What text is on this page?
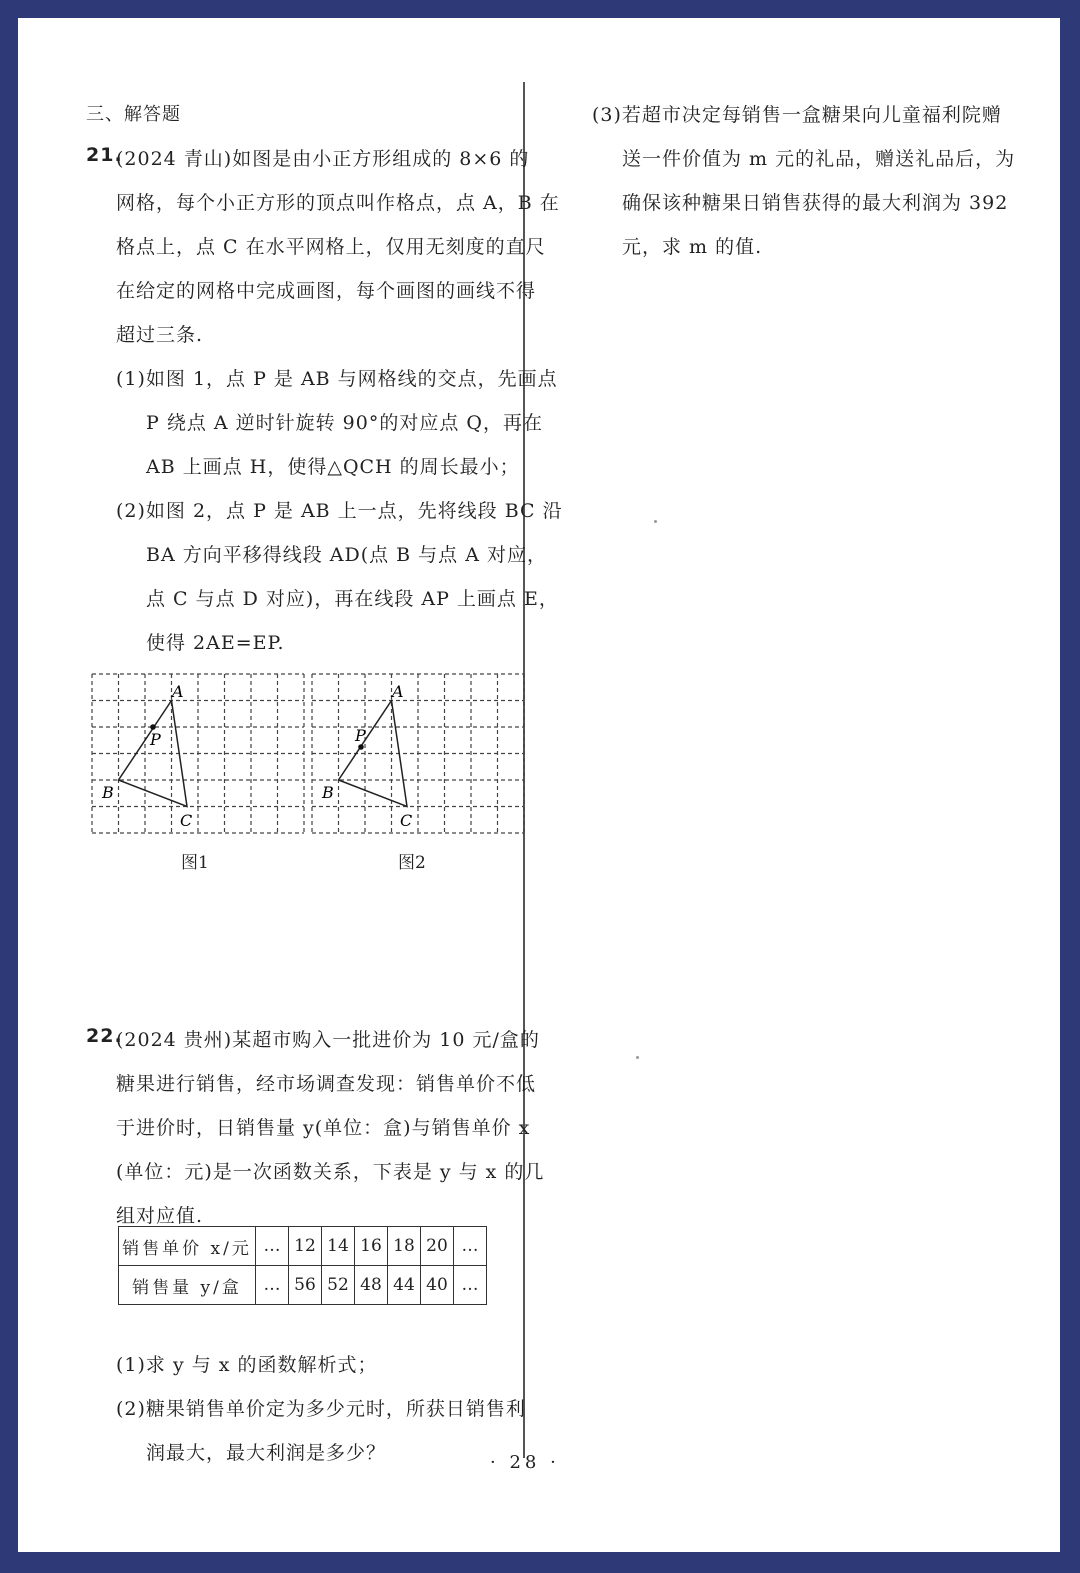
三、解答题
21.
(2024 青山)如图是由小正方形组成的 8×6 的
网格，每个小正方形的顶点叫作格点，点 A，B 在
格点上，点 C 在水平网格上，仅用无刻度的直尺
在给定的网格中完成画图，每个画图的画线不得
超过三条.
(1)如图 1，点 P 是 AB 与网格线的交点，先画点
P 绕点 A 逆时针旋转 90°的对应点 Q，再在
AB 上画点 H，使得△QCH 的周长最小；
(2)如图 2，点 P 是 AB 上一点，先将线段 BC 沿
BA 方向平移得线段 AD(点 B 与点 A 对应，
点 C 与点 D 对应)，再在线段 AP 上画点 E，
使得 2AE=EP.
A
P
B
C
图1
A
P
B
C
图2
22.
(2024 贵州)某超市购入一批进价为 10 元/盒的
糖果进行销售，经市场调查发现：销售单价不低
于进价时，日销售量 y(单位：盒)与销售单价 x
(单位：元)是一次函数关系，下表是 y 与 x 的几
组对应值.
销售单价 x/元	…	12	14	16	18	20	…
销售量 y/盒	…	56	52	48	44	40	…
(1)求 y 与 x 的函数解析式；
(2)糖果销售单价定为多少元时，所获日销售利
润最大，最大利润是多少？
(3)若超市决定每销售一盒糖果向儿童福利院赠
送一件价值为 m 元的礼品，赠送礼品后，为
确保该种糖果日销售获得的最大利润为 392
元，求 m 的值.
· 28 ·
